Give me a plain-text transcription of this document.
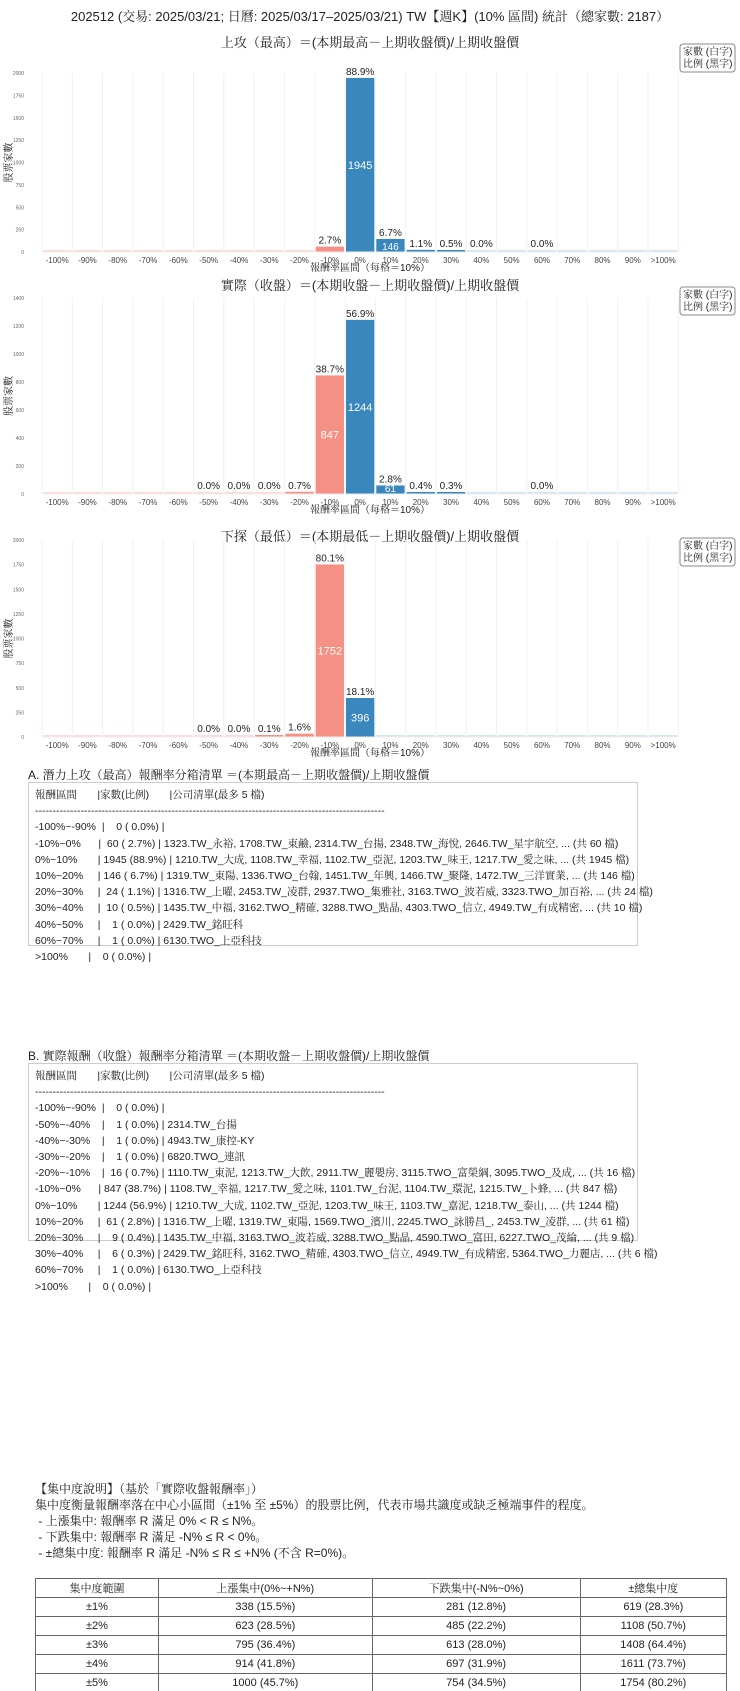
202512 (交易: 2025/03/21; 日曆: 2025/03/17–2025/03/21) TW【週K】(10% 區間) 統計（總家數: 2187）
上攻（最高）＝(本期最高－上期收盤價)/上期收盤價
0
250
500
750
1000
1250
1500
1750
2000
股票家數
-100% -90% -80% -70% -60% -50% -40% -30% -20%
2.7%
-10%
1945
88.9%
0%
146
6.7%
10%
1.1%
20%
0.5%
30%
0.0%
40% 50%
0.0%
60% 70% 80% 90% >100%
報酬率區間（每格＝10%）
家數 (白字)
比例 (黑字)
實際（收盤）＝(本期收盤－上期收盤價)/上期收盤價
0
200
400
600
800
1000
1200
1400
股票家數
-100% -90% -80% -70% -60%
0.0%
-50%
0.0%
-40%
0.0%
-30%
0.7%
-20%
847
38.7%
-10%
1244
56.9%
0%
61
2.8%
10%
0.4%
20%
0.3%
30% 40% 50%
0.0%
60% 70% 80% 90% >100%
報酬率區間（每格＝10%）
家數 (白字)
比例 (黑字)
下探（最低）＝(本期最低－上期收盤價)/上期收盤價
0
250
500
750
1000
1250
1500
1750
2000
股票家數
-100% -90% -80% -70% -60%
0.0%
-50%
0.0%
-40%
0.1%
-30%
1.6%
-20%
1752
80.1%
-10%
396
18.1%
0% 10% 20% 30% 40% 50% 60% 70% 80% 90% >100%
報酬率區間（每格＝10%）
家數 (白字)
比例 (黑字)
A. 潛力上攻（最高）報酬率分箱清單 ＝(本期最高－上期收盤價)/上期收盤價
報酬區間       |家數(比例)       |公司清單(最多 5 檔)
----------------------------------------------------------------------------------------------------
-100%~-90%  |    0 ( 0.0%) |
-10%~0%      |  60 ( 2.7%) | 1323.TW_永裕, 1708.TW_東鹼, 2314.TW_台揚, 2348.TW_海悅, 2646.TW_星宇航空, ... (共 60 檔)
0%~10%       | 1945 (88.9%) | 1210.TW_大成, 1108.TW_幸福, 1102.TW_亞泥, 1203.TW_味王, 1217.TW_愛之味, ... (共 1945 檔)
10%~20%     | 146 ( 6.7%) | 1319.TW_東陽, 1336.TWO_台翰, 1451.TW_年興, 1466.TW_聚隆, 1472.TW_三洋實業, ... (共 146 檔)
20%~30%     |  24 ( 1.1%) | 1316.TW_上曜, 2453.TW_凌群, 2937.TWO_集雅社, 3163.TWO_波若威, 3323.TWO_加百裕, ... (共 24 檔)
30%~40%     |  10 ( 0.5%) | 1435.TW_中福, 3162.TWO_精確, 3288.TWO_點晶, 4303.TWO_信立, 4949.TW_有成精密, ... (共 10 檔)
40%~50%     |    1 ( 0.0%) | 2429.TW_銘旺科
60%~70%     |    1 ( 0.0%) | 6130.TWO_上亞科技
>100%       |    0 ( 0.0%) |
B. 實際報酬（收盤）報酬率分箱清單 ＝(本期收盤－上期收盤價)/上期收盤價
報酬區間       |家數(比例)       |公司清單(最多 5 檔)
----------------------------------------------------------------------------------------------------
-100%~-90%  |    0 ( 0.0%) |
-50%~-40%    |    1 ( 0.0%) | 2314.TW_台揚
-40%~-30%    |    1 ( 0.0%) | 4943.TW_康控-KY
-30%~-20%    |    1 ( 0.0%) | 6820.TWO_連訊
-20%~-10%    |  16 ( 0.7%) | 1110.TW_東泥, 1213.TW_大飲, 2911.TW_麗嬰房, 3115.TWO_富榮綱, 3095.TWO_及成, ... (共 16 檔)
-10%~0%      | 847 (38.7%) | 1108.TW_幸福, 1217.TW_愛之味, 1101.TW_台泥, 1104.TW_環泥, 1215.TW_卜蜂, ... (共 847 檔)
0%~10%       | 1244 (56.9%) | 1210.TW_大成, 1102.TW_亞泥, 1203.TW_味王, 1103.TW_嘉泥, 1218.TW_泰山, ... (共 1244 檔)
10%~20%     |  61 ( 2.8%) | 1316.TW_上曜, 1319.TW_東陽, 1569.TWO_濱川, 2245.TWO_詠勝昌_, 2453.TW_凌群, ... (共 61 檔)
20%~30%     |    9 ( 0.4%) | 1435.TW_中福, 3163.TWO_波若威, 3288.TWO_點晶, 4590.TWO_富田, 6227.TWO_茂綸, ... (共 9 檔)
30%~40%     |    6 ( 0.3%) | 2429.TW_銘旺科, 3162.TWO_精確, 4303.TWO_信立, 4949.TW_有成精密, 5364.TWO_力麗店, ... (共 6 檔)
60%~70%     |    1 ( 0.0%) | 6130.TWO_上亞科技
>100%       |    0 ( 0.0%) |
【集中度說明】（基於「實際收盤報酬率」）
集中度衡量報酬率落在中心小區間（±1% 至 ±5%）的股票比例，代表市場共識度或缺乏極端事件的程度。
- 上漲集中: 報酬率 R 滿足 0% < R ≤ N%。
- 下跌集中: 報酬率 R 滿足 -N% ≤ R < 0%。
- ±總集中度: 報酬率 R 滿足 -N% ≤ R ≤ +N% (不含 R=0%)。
集中度範圍	上漲集中(0%~+N%)	下跌集中(-N%~0%)	±總集中度
±1%	338 (15.5%)	281 (12.8%)	619 (28.3%)
±2%	623 (28.5%)	485 (22.2%)	1108 (50.7%)
±3%	795 (36.4%)	613 (28.0%)	1408 (64.4%)
±4%	914 (41.8%)	697 (31.9%)	1611 (73.7%)
±5%	1000 (45.7%)	754 (34.5%)	1754 (80.2%)
